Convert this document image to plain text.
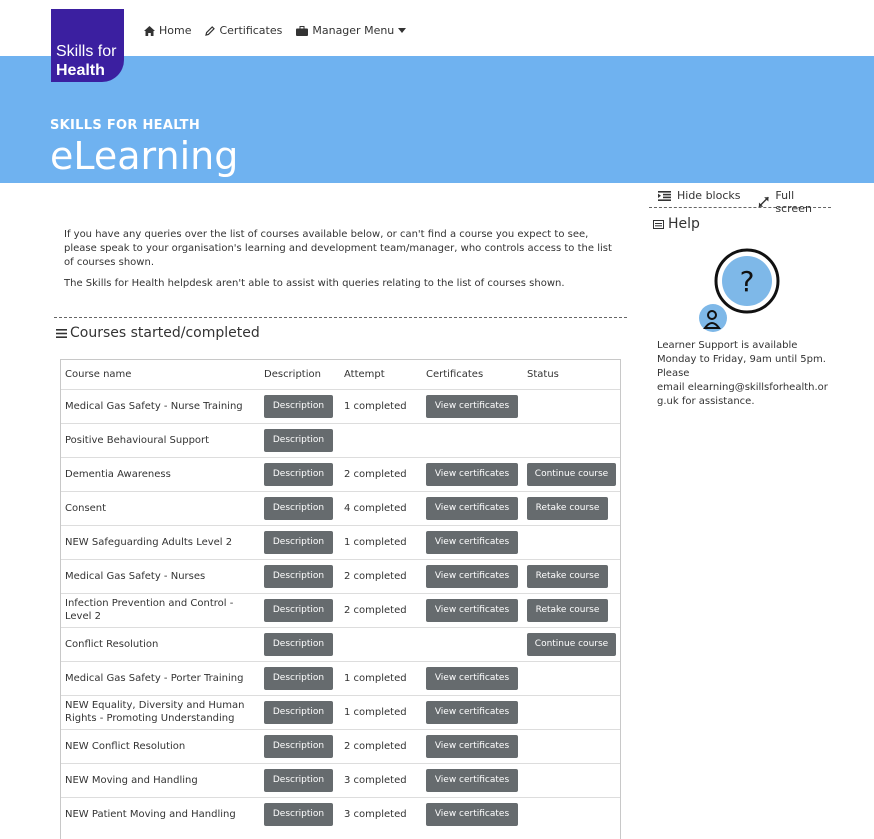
Skills for
Health
Home	Certificates	Manager Menu
SKILLS FOR HEALTH
eLearning
Hide blocks	Full screen
Help
?
Learner Support is available
Monday to Friday, 9am until 5pm.
Please
email elearning@skillsforhealth.org.uk for assistance.

If you have any queries over the list of courses available below, or can't find a course you expect to see, please speak to your organisation's learning and development team/manager, who controls access to the list of courses shown.

The Skills for Health helpdesk aren't able to assist with queries relating to the list of courses shown.

Courses started/completed
Course name	Description	Attempt	Certificates	Status
Medical Gas Safety - Nurse Training	Description	1 completed	View certificates	
Positive Behavioural Support	Description			
Dementia Awareness	Description	2 completed	View certificates	Continue course
Consent	Description	4 completed	View certificates	Retake course
NEW Safeguarding Adults Level 2	Description	1 completed	View certificates	
Medical Gas Safety - Nurses	Description	2 completed	View certificates	Retake course
Infection Prevention and Control - Level 2	Description	2 completed	View certificates	Retake course
Conflict Resolution	Description			Continue course
Medical Gas Safety - Porter Training	Description	1 completed	View certificates	
NEW Equality, Diversity and Human Rights - Promoting Understanding	Description	1 completed	View certificates	
NEW Conflict Resolution	Description	2 completed	View certificates	
NEW Moving and Handling	Description	3 completed	View certificates	
NEW Patient Moving and Handling	Description	3 completed	View certificates	
